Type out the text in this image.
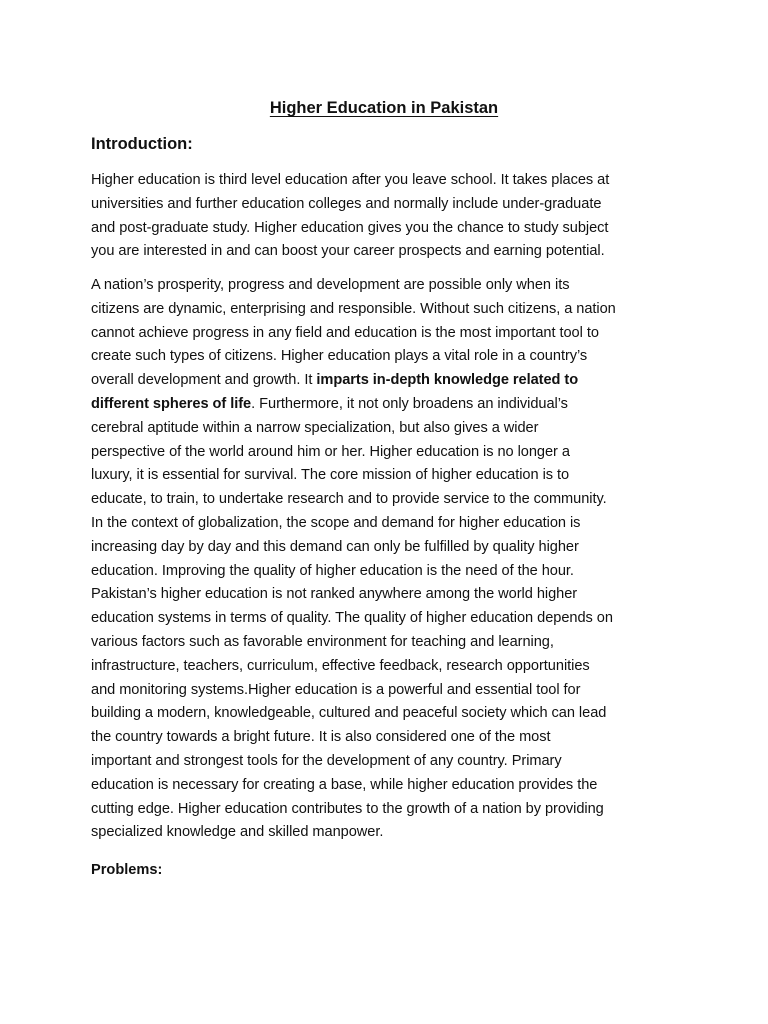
Higher Education in Pakistan
Introduction:

Higher education is third level education after you leave school. It takes places at
universities and further education colleges and normally include under-graduate
and post-graduate study. Higher education gives you the chance to study subject
you are interested in and can boost your career prospects and earning potential.

A nation’s prosperity, progress and development are possible only when its
citizens are dynamic, enterprising and responsible. Without such citizens, a nation
cannot achieve progress in any field and education is the most important tool to
create such types of citizens. Higher education plays a vital role in a country’s
overall development and growth. It imparts in-depth knowledge related to
different spheres of life. Furthermore, it not only broadens an individual’s
cerebral aptitude within a narrow specialization, but also gives a wider
perspective of the world around him or her. Higher education is no longer a
luxury, it is essential for survival. The core mission of higher education is to
educate, to train, to undertake research and to provide service to the community.
In the context of globalization, the scope and demand for higher education is
increasing day by day and this demand can only be fulfilled by quality higher
education. Improving the quality of higher education is the need of the hour.
Pakistan’s higher education is not ranked anywhere among the world higher
education systems in terms of quality. The quality of higher education depends on
various factors such as favorable environment for teaching and learning,
infrastructure, teachers, curriculum, effective feedback, research opportunities
and monitoring systems.Higher education is a powerful and essential tool for
building a modern, knowledgeable, cultured and peaceful society which can lead
the country towards a bright future. It is also considered one of the most
important and strongest tools for the development of any country. Primary
education is necessary for creating a base, while higher education provides the
cutting edge. Higher education contributes to the growth of a nation by providing
specialized knowledge and skilled manpower.

Problems:
